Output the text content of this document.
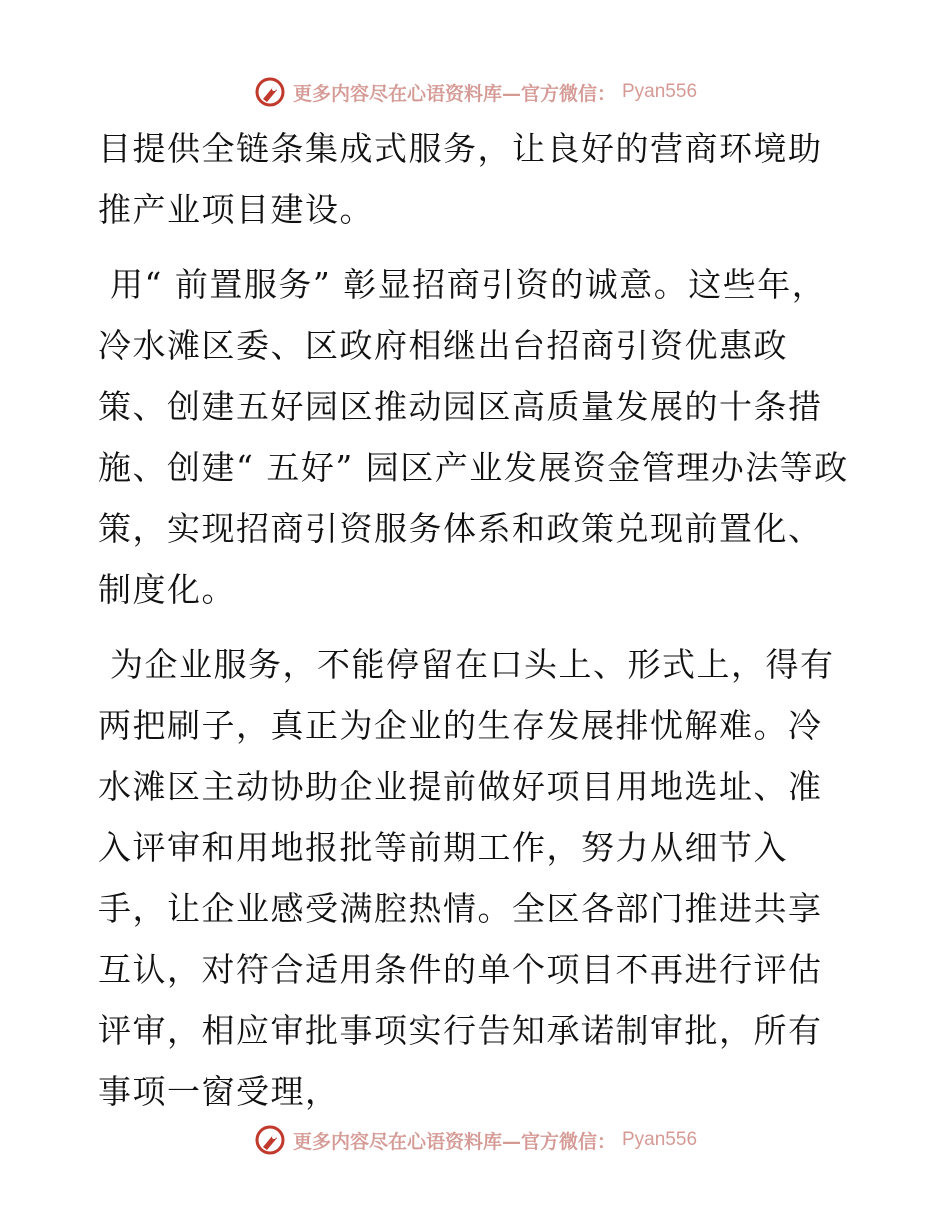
更多内容尽在心语资料库—官方微信： Pyan556

目提供全链条集成式服务，让良好的营商环境助推产业项目建设。

用“ 前置服务” 彰显招商引资的诚意。这些年，冷水滩区委、区政府相继出台招商引资优惠政策、创建五好园区推动园区高质量发展的十条措施、创建“ 五好” 园区产业发展资金管理办法等政策，实现招商引资服务体系和政策兑现前置化、制度化。

为企业服务，不能停留在口头上、形式上，得有两把刷子，真正为企业的生存发展排忧解难。冷水滩区主动协助企业提前做好项目用地选址、准入评审和用地报批等前期工作，努力从细节入手，让企业感受满腔热情。全区各部门推进共享互认，对符合适用条件的单个项目不再进行评估评审，相应审批事项实行告知承诺制审批，所有事项一窗受理，

更多内容尽在心语资料库—官方微信： Pyan556
